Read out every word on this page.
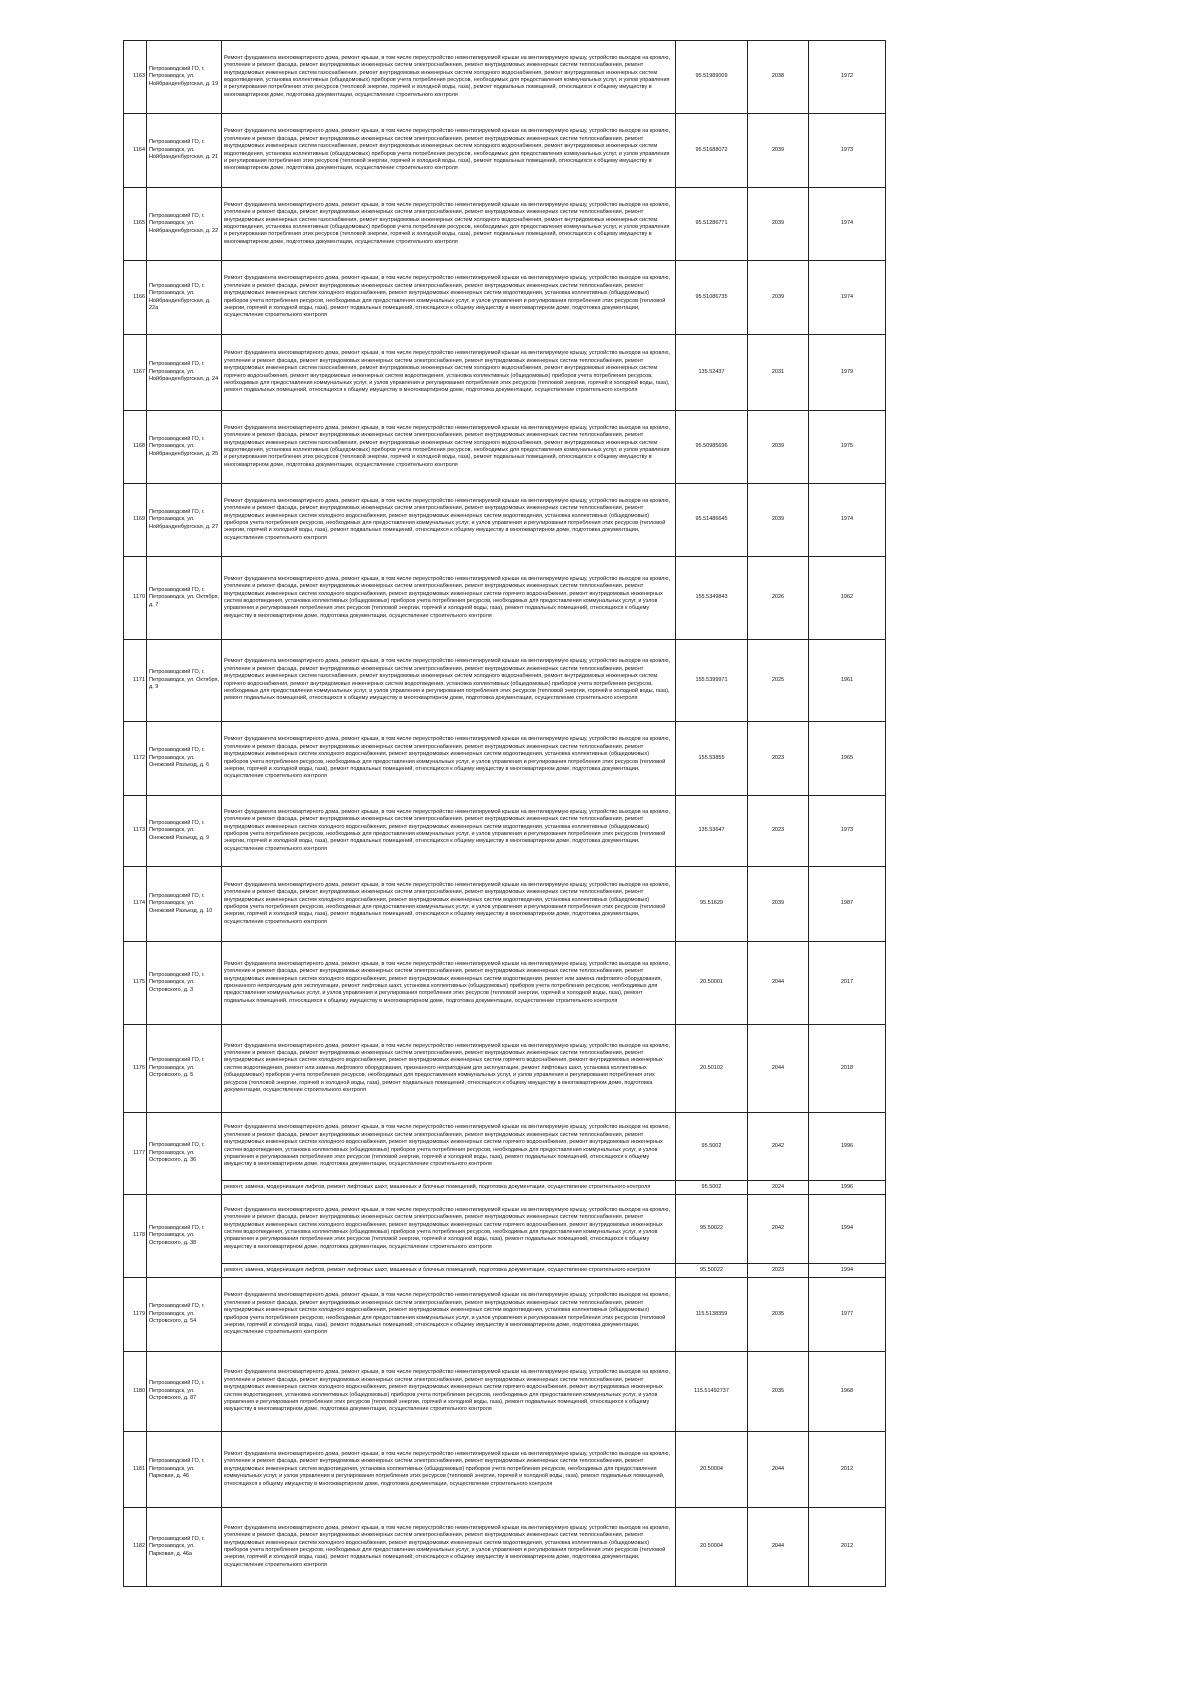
1163	Петрозаводский ГО, г. Петрозаводск, ул. Нойбранденбургская, д. 19	Ремонт фундамента многоквартирного дома, ремонт крыши, в том числе переустройство невентилируемой крыши на вентилируемую крышу, устройство выходов на кровлю, утепление и ремонт фасада, ремонт внутридомовых инженерных систем электроснабжения, ремонт внутридомовых инженерных систем теплоснабжения, ремонт внутридомовых инженерных систем газоснабжения, ремонт внутридомовых инженерных систем холодного водоснабжения, ремонт внутридомовых инженерных систем водоотведения, установка коллективных (общедомовых) приборов учета потребления ресурсов, необходимых для предоставления коммунальных услуг, и узлов управления и регулирования потребления этих ресурсов (тепловой энергии, горячей и холодной воды, газа), ремонт подвальных помещений, относящихся к общему имуществу в многоквартирном доме, подготовка документации, осуществление строительного контроля	95.51989009	2038	1972
1164	Петрозаводский ГО, г. Петрозаводск, ул. Нойбранденбургская, д. 21	Ремонт фундамента многоквартирного дома, ремонт крыши, в том числе переустройство невентилируемой крыши на вентилируемую крышу, устройство выходов на кровлю, утепление и ремонт фасада, ремонт внутридомовых инженерных систем электроснабжения, ремонт внутридомовых инженерных систем теплоснабжения, ремонт внутридомовых инженерных систем газоснабжения, ремонт внутридомовых инженерных систем холодного водоснабжения, ремонт внутридомовых инженерных систем водоотведения, установка коллективных (общедомовых) приборов учета потребления ресурсов, необходимых для предоставления коммунальных услуг, и узлов управления и регулирования потребления этих ресурсов (тепловой энергии, горячей и холодной воды, газа), ремонт подвальных помещений, относящихся к общему имуществу в многоквартирном доме, подготовка документации, осуществление строительного контроля	95.51688072	2039	1973
1165	Петрозаводский ГО, г. Петрозаводск, ул. Нойбранденбургская, д. 22	Ремонт фундамента многоквартирного дома, ремонт крыши, в том числе переустройство невентилируемой крыши на вентилируемую крышу, устройство выходов на кровлю, утепление и ремонт фасада, ремонт внутридомовых инженерных систем электроснабжения, ремонт внутридомовых инженерных систем теплоснабжения, ремонт внутридомовых инженерных систем газоснабжения, ремонт внутридомовых инженерных систем холодного водоснабжения, ремонт внутридомовых инженерных систем водоотведения, установка коллективных (общедомовых) приборов учета потребления ресурсов, необходимых для предоставления коммунальных услуг, и узлов управления и регулирования потребления этих ресурсов (тепловой энергии, горячей и холодной воды, газа), ремонт подвальных помещений, относящихся к общему имуществу в многоквартирном доме, подготовка документации, осуществление строительного контроля	95.51286771	2039	1974
1166	Петрозаводский ГО, г. Петрозаводск, ул. Нойбранденбургская, д. 22а	Ремонт фундамента многоквартирного дома, ремонт крыши, в том числе переустройство невентилируемой крыши на вентилируемую крышу, устройство выходов на кровлю, утепление и ремонт фасада, ремонт внутридомовых инженерных систем электроснабжения, ремонт внутридомовых инженерных систем теплоснабжения, ремонт внутридомовых инженерных систем холодного водоснабжения, ремонт внутридомовых инженерных систем водоотведения, установка коллективных (общедомовых) приборов учета потребления ресурсов, необходимых для предоставления коммунальных услуг, и узлов управления и регулирования потребления этих ресурсов (тепловой энергии, горячей и холодной воды, газа), ремонт подвальных помещений, относящихся к общему имуществу в многоквартирном доме, подготовка документации, осуществление строительного контроля	95.51086735	2039	1974
1167	Петрозаводский ГО, г. Петрозаводск, ул. Нойбранденбургская, д. 24	Ремонт фундамента многоквартирного дома, ремонт крыши, в том числе переустройство невентилируемой крыши на вентилируемую крышу, устройство выходов на кровлю, утепление и ремонт фасада, ремонт внутридомовых инженерных систем электроснабжения, ремонт внутридомовых инженерных систем теплоснабжения, ремонт внутридомовых инженерных систем газоснабжения, ремонт внутридомовых инженерных систем холодного водоснабжения, ремонт внутридомовых инженерных систем горячего водоснабжения, ремонт внутридомовых инженерных систем водоотведения, установка коллективных (общедомовых) приборов учета потребления ресурсов, необходимых для предоставления коммунальных услуг, и узлов управления и регулирования потребления этих ресурсов (тепловой энергии, горячей и холодной воды, газа), ремонт подвальных помещений, относящихся к общему имуществу в многоквартирном доме, подготовка документации, осуществление строительного контроля	135.52437	2031	1979
1168	Петрозаводский ГО, г. Петрозаводск, ул. Нойбранденбургская, д. 25	Ремонт фундамента многоквартирного дома, ремонт крыши, в том числе переустройство невентилируемой крыши на вентилируемую крышу, устройство выходов на кровлю, утепление и ремонт фасада, ремонт внутридомовых инженерных систем электроснабжения, ремонт внутридомовых инженерных систем теплоснабжения, ремонт внутридомовых инженерных систем газоснабжения, ремонт внутридомовых инженерных систем холодного водоснабжения, ремонт внутридомовых инженерных систем водоотведения, установка коллективных (общедомовых) приборов учета потребления ресурсов, необходимых для предоставления коммунальных услуг, и узлов управления и регулирования потребления этих ресурсов (тепловой энергии, горячей и холодной воды, газа), ремонт подвальных помещений, относящихся к общему имуществу в многоквартирном доме, подготовка документации, осуществление строительного контроля	95.50985696	2039	1975
1169	Петрозаводский ГО, г. Петрозаводск, ул. Нойбранденбургская, д. 27	Ремонт фундамента многоквартирного дома, ремонт крыши, в том числе переустройство невентилируемой крыши на вентилируемую крышу, устройство выходов на кровлю, утепление и ремонт фасада, ремонт внутридомовых инженерных систем электроснабжения, ремонт внутридомовых инженерных систем теплоснабжения, ремонт внутридомовых инженерных систем холодного водоснабжения, ремонт внутридомовых инженерных систем водоотведения, установка коллективных (общедомовых) приборов учета потребления ресурсов, необходимых для предоставления коммунальных услуг, и узлов управления и регулирования потребления этих ресурсов (тепловой энергии, горячей и холодной воды, газа), ремонт подвальных помещений, относящихся к общему имуществу в многоквартирном доме, подготовка документации, осуществление строительного контроля	95.51486645	2039	1974
1170	Петрозаводский ГО, г. Петрозаводск, ул. Октября, д. 7	Ремонт фундамента многоквартирного дома, ремонт крыши, в том числе переустройство невентилируемой крыши на вентилируемую крышу, устройство выходов на кровлю, утепление и ремонт фасада, ремонт внутридомовых инженерных систем электроснабжения, ремонт внутридомовых инженерных систем теплоснабжения, ремонт внутридомовых инженерных систем холодного водоснабжения, ремонт внутридомовых инженерных систем горячего водоснабжения, ремонт внутридомовых инженерных систем водоотведения, установка коллективных (общедомовых) приборов учета потребления ресурсов, необходимых для предоставления коммунальных услуг, и узлов управления и регулирования потребления этих ресурсов (тепловой энергии, горячей и холодной воды, газа), ремонт подвальных помещений, относящихся к общему имуществу в многоквартирном доме, подготовка документации, осуществление строительного контроля	155.5349843	2026	1962
1171	Петрозаводский ГО, г. Петрозаводск, ул. Октября, д. 9	Ремонт фундамента многоквартирного дома, ремонт крыши, в том числе переустройство невентилируемой крыши на вентилируемую крышу, устройство выходов на кровлю, утепление и ремонт фасада, ремонт внутридомовых инженерных систем электроснабжения, ремонт внутридомовых инженерных систем теплоснабжения, ремонт внутридомовых инженерных систем газоснабжения, ремонт внутридомовых инженерных систем холодного водоснабжения, ремонт внутридомовых инженерных систем горячего водоснабжения, ремонт внутридомовых инженерных систем водоотведения, установка коллективных (общедомовых) приборов учета потребления ресурсов, необходимых для предоставления коммунальных услуг, и узлов управления и регулирования потребления этих ресурсов (тепловой энергии, горячей и холодной воды, газа), ремонт подвальных помещений, относящихся к общему имуществу в многоквартирном доме, подготовка документации, осуществление строительного контроля	155.5399971	2025	1961
1172	Петрозаводский ГО, г. Петрозаводск, ул. Онежский Разъезд, д. 6	Ремонт фундамента многоквартирного дома, ремонт крыши, в том числе переустройство невентилируемой крыши на вентилируемую крышу, устройство выходов на кровлю, утепление и ремонт фасада, ремонт внутридомовых инженерных систем электроснабжения, ремонт внутридомовых инженерных систем теплоснабжения, ремонт внутридомовых инженерных систем холодного водоснабжения, ремонт внутридомовых инженерных систем водоотведения, установка коллективных (общедомовых) приборов учета потребления ресурсов, необходимых для предоставления коммунальных услуг, и узлов управления и регулирования потребления этих ресурсов (тепловой энергии, горячей и холодной воды, газа), ремонт подвальных помещений, относящихся к общему имуществу в многоквартирном доме, подготовка документации, осуществление строительного контроля	155.53855	2023	1965
1173	Петрозаводский ГО, г. Петрозаводск, ул. Онежский Разъезд, д. 9	Ремонт фундамента многоквартирного дома, ремонт крыши, в том числе переустройство невентилируемой крыши на вентилируемую крышу, устройство выходов на кровлю, утепление и ремонт фасада, ремонт внутридомовых инженерных систем электроснабжения, ремонт внутридомовых инженерных систем теплоснабжения, ремонт внутридомовых инженерных систем холодного водоснабжения, ремонт внутридомовых инженерных систем водоотведения, установка коллективных (общедомовых) приборов учета потребления ресурсов, необходимых для предоставления коммунальных услуг, и узлов управления и регулирования потребления этих ресурсов (тепловой энергии, горячей и холодной воды, газа), ремонт подвальных помещений, относящихся к общему имуществу в многоквартирном доме, подготовка документации, осуществление строительного контроля	135.53647	2023	1973
1174	Петрозаводский ГО, г. Петрозаводск, ул. Онежский Разъезд, д. 10	Ремонт фундамента многоквартирного дома, ремонт крыши, в том числе переустройство невентилируемой крыши на вентилируемую крышу, устройство выходов на кровлю, утепление и ремонт фасада, ремонт внутридомовых инженерных систем электроснабжения, ремонт внутридомовых инженерных систем теплоснабжения, ремонт внутридомовых инженерных систем холодного водоснабжения, ремонт внутридомовых инженерных систем водоотведения, установка коллективных (общедомовых) приборов учета потребления ресурсов, необходимых для предоставления коммунальных услуг, и узлов управления и регулирования потребления этих ресурсов (тепловой энергии, горячей и холодной воды, газа), ремонт подвальных помещений, относящихся к общему имуществу в многоквартирном доме, подготовка документации, осуществление строительного контроля	95.51629	2039	1987
1175	Петрозаводский ГО, г. Петрозаводск, ул. Островского, д. 3	Ремонт фундамента многоквартирного дома, ремонт крыши, в том числе переустройство невентилируемой крыши на вентилируемую крышу, устройство выходов на кровлю, утепление и ремонт фасада, ремонт внутридомовых инженерных систем электроснабжения, ремонт внутридомовых инженерных систем теплоснабжения, ремонт внутридомовых инженерных систем холодного водоснабжения, ремонт внутридомовых инженерных систем водоотведения, ремонт или замена лифтового оборудования, признанного непригодным для эксплуатации, ремонт лифтовых шахт, установка коллективных (общедомовых) приборов учета потребления ресурсов, необходимых для предоставления коммунальных услуг, и узлов управления и регулирования потребления этих ресурсов (тепловой энергии, горячей и холодной воды, газа), ремонт подвальных помещений, относящихся к общему имуществу в многоквартирном доме, подготовка документации, осуществление строительного контроля	20.50001	2044	2017
1176	Петрозаводский ГО, г. Петрозаводск, ул. Островского, д. 5	Ремонт фундамента многоквартирного дома, ремонт крыши, в том числе переустройство невентилируемой крыши на вентилируемую крышу, устройство выходов на кровлю, утепление и ремонт фасада, ремонт внутридомовых инженерных систем электроснабжения, ремонт внутридомовых инженерных систем теплоснабжения, ремонт внутридомовых инженерных систем холодного водоснабжения, ремонт внутридомовых инженерных систем горячего водоснабжения, ремонт внутридомовых инженерных систем водоотведения, ремонт или замена лифтового оборудования, признанного непригодным для эксплуатации, ремонт лифтовых шахт, установка коллективных (общедомовых) приборов учета потребления ресурсов, необходимых для предоставления коммунальных услуг, и узлов управления и регулирования потребления этих ресурсов (тепловой энергии, горячей и холодной воды, газа), ремонт подвальных помещений, относящихся к общему имуществу в многоквартирном доме, подготовка документации, осуществление строительного контроля	20.50102	2044	2018
1177	Петрозаводский ГО, г. Петрозаводск, ул. Островского, д. 36	Ремонт фундамента многоквартирного дома, ремонт крыши, в том числе переустройство невентилируемой крыши на вентилируемую крышу, устройство выходов на кровлю, утепление и ремонт фасада, ремонт внутридомовых инженерных систем электроснабжения, ремонт внутридомовых инженерных систем теплоснабжения, ремонт внутридомовых инженерных систем холодного водоснабжения, ремонт внутридомовых инженерных систем горячего водоснабжения, ремонт внутридомовых инженерных систем водоотведения, установка коллективных (общедомовых) приборов учета потребления ресурсов, необходимых для предоставления коммунальных услуг, и узлов управления и регулирования потребления этих ресурсов (тепловой энергии, горячей и холодной воды, газа), ремонт подвальных помещений, относящихся к общему имуществу в многоквартирном доме, подготовка документации, осуществление строительного контроля	95.5002	2042	1996
		ремонт, замена, модернизация лифтов, ремонт лифтовых шахт, машинных и блочных помещений, подготовка документации, осуществление строительного контроля	95.5002	2024	1996
1178	Петрозаводский ГО, г. Петрозаводск, ул. Островского, д. 38	Ремонт фундамента многоквартирного дома, ремонт крыши, в том числе переустройство невентилируемой крыши на вентилируемую крышу, устройство выходов на кровлю, утепление и ремонт фасада, ремонт внутридомовых инженерных систем электроснабжения, ремонт внутридомовых инженерных систем теплоснабжения, ремонт внутридомовых инженерных систем холодного водоснабжения, ремонт внутридомовых инженерных систем горячего водоснабжения, ремонт внутридомовых инженерных систем водоотведения, установка коллективных (общедомовых) приборов учета потребления ресурсов, необходимых для предоставления коммунальных услуг, и узлов управления и регулирования потребления этих ресурсов (тепловой энергии, горячей и холодной воды, газа), ремонт подвальных помещений, относящихся к общему имуществу в многоквартирном доме, подготовка документации, осуществление строительного контроля	95.50022	2042	1994
		ремонт, замена, модернизация лифтов, ремонт лифтовых шахт, машинных и блочных помещений, подготовка документации, осуществление строительного контроля	95.50022	2023	1994
1179	Петрозаводский ГО, г. Петрозаводск, ул. Островского, д. 54	Ремонт фундамента многоквартирного дома, ремонт крыши, в том числе переустройство невентилируемой крыши на вентилируемую крышу, устройство выходов на кровлю, утепление и ремонт фасада, ремонт внутридомовых инженерных систем электроснабжения, ремонт внутридомовых инженерных систем теплоснабжения, ремонт внутридомовых инженерных систем холодного водоснабжения, ремонт внутридомовых инженерных систем водоотведения, установка коллективных (общедомовых) приборов учета потребления ресурсов, необходимых для предоставления коммунальных услуг, и узлов управления и регулирования потребления этих ресурсов (тепловой энергии, горячей и холодной воды, газа), ремонт подвальных помещений, относящихся к общему имуществу в многоквартирном доме, подготовка документации, осуществление строительного контроля	115.5138359	2035	1977
1180	Петрозаводский ГО, г. Петрозаводск, ул. Островского, д. 87	Ремонт фундамента многоквартирного дома, ремонт крыши, в том числе переустройство невентилируемой крыши на вентилируемую крышу, устройство выходов на кровлю, утепление и ремонт фасада, ремонт внутридомовых инженерных систем электроснабжения, ремонт внутридомовых инженерных систем теплоснабжения, ремонт внутридомовых инженерных систем холодного водоснабжения, ремонт внутридомовых инженерных систем горячего водоснабжения, ремонт внутридомовых инженерных систем водоотведения, установка коллективных (общедомовых) приборов учета потребления ресурсов, необходимых для предоставления коммунальных услуг, и узлов управления и регулирования потребления этих ресурсов (тепловой энергии, горячей и холодной воды, газа), ремонт подвальных помещений, относящихся к общему имуществу в многоквартирном доме, подготовка документации, осуществление строительного контроля	115.51492737	2035	1968
1181	Петрозаводский ГО, г. Петрозаводск, ул. Парковая, д. 46	Ремонт фундамента многоквартирного дома, ремонт крыши, в том числе переустройство невентилируемой крыши на вентилируемую крышу, устройство выходов на кровлю, утепление и ремонт фасада, ремонт внутридомовых инженерных систем электроснабжения, ремонт внутридомовых инженерных систем теплоснабжения, ремонт внутридомовых инженерных систем водоотведения, установка коллективных (общедомовых) приборов учета потребления ресурсов, необходимых для предоставления коммунальных услуг, и узлов управления и регулирования потребления этих ресурсов (тепловой энергии, горячей и холодной воды, газа), ремонт подвальных помещений, относящихся к общему имуществу в многоквартирном доме, подготовка документации, осуществление строительного контроля	20.50004	2044	2012
1182	Петрозаводский ГО, г. Петрозаводск, ул. Парковая, д. 46а	Ремонт фундамента многоквартирного дома, ремонт крыши, в том числе переустройство невентилируемой крыши на вентилируемую крышу, устройство выходов на кровлю, утепление и ремонт фасада, ремонт внутридомовых инженерных систем электроснабжения, ремонт внутридомовых инженерных систем теплоснабжения, ремонт внутридомовых инженерных систем холодного водоснабжения, ремонт внутридомовых инженерных систем водоотведения, установка коллективных (общедомовых) приборов учета потребления ресурсов, необходимых для предоставления коммунальных услуг, и узлов управления и регулирования потребления этих ресурсов (тепловой энергии, горячей и холодной воды, газа), ремонт подвальных помещений, относящихся к общему имуществу в многоквартирном доме, подготовка документации, осуществление строительного контроля	20.50004	2044	2012
